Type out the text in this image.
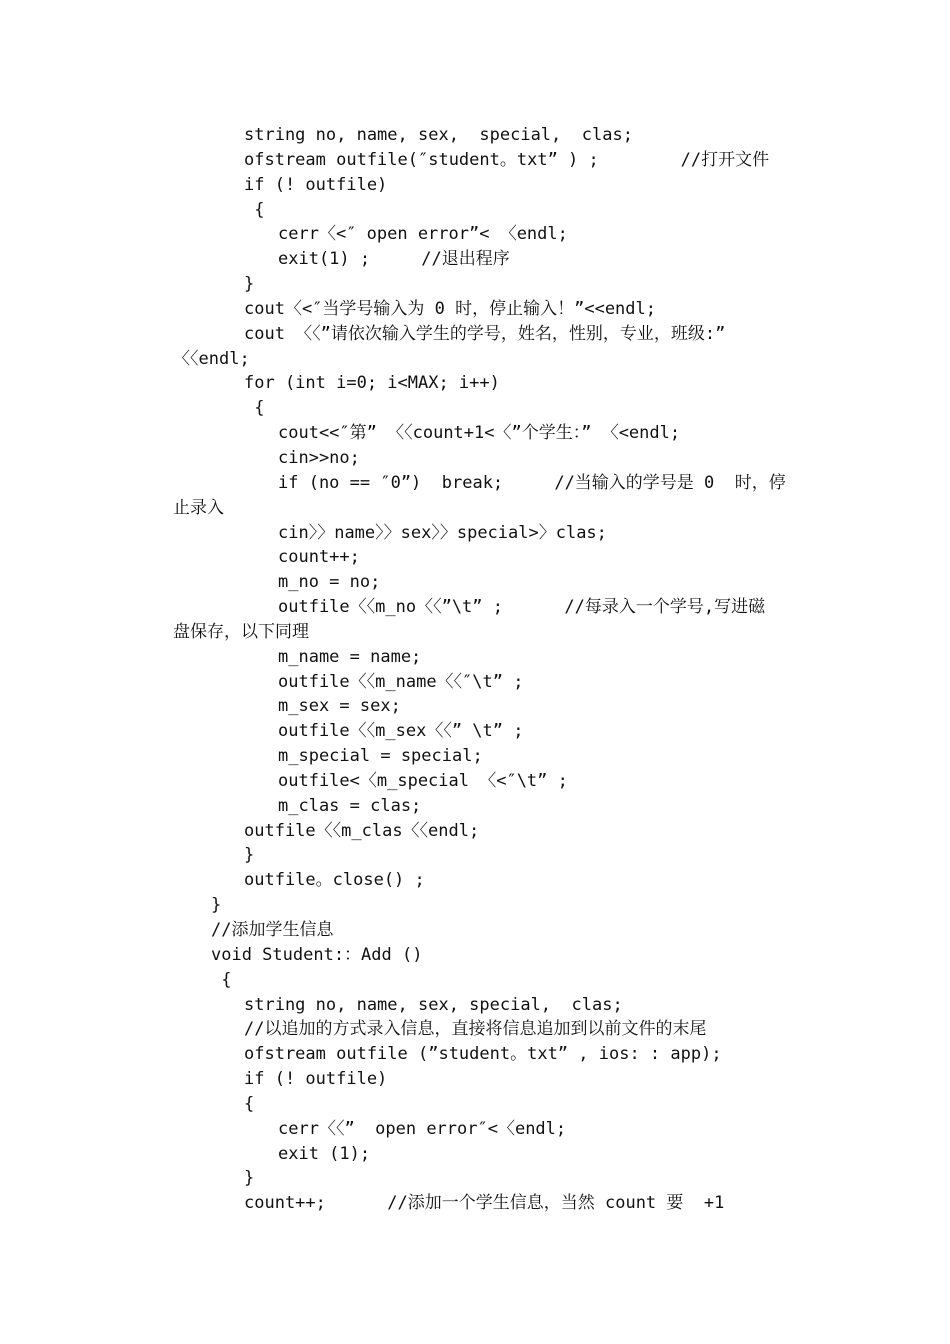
string no, name, sex,  special,  clas;
ofstream outfile(″student。txt” ) ;        //打开文件
if (! outfile)
{
cerr〈<″ open error”< 〈endl;
exit(1) ;     //退出程序
}
cout〈<″当学号输入为 0 时，停止输入！”<<endl;
cout 〈〈”请依次输入学生的学号，姓名，性别，专业，班级:”
〈〈endl;
for (int i=0; i<MAX; i++)
{
cout<<″第” 〈〈count+1<〈”个学生：” 〈<endl;
cin>>no;
if (no == ″0”)  break;     //当输入的学号是 0  时，停
止录入
cin〉〉name〉〉sex〉〉special>〉clas;
count++;
m_no = no;
outfile〈〈m_no〈〈”\t” ;      //每录入一个学号,写进磁
盘保存，以下同理
m_name = name;
outfile〈〈m_name〈〈″\t” ;
m_sex = sex;
outfile〈〈m_sex〈〈” \t” ;
m_special = special;
outfile<〈m_special 〈<″\t” ;
m_clas = clas;
outfile〈〈m_clas〈〈endl;
}
outfile。close() ;
}
//添加学生信息
void Student:：Add ()
{
string no, name, sex, special,  clas;
//以追加的方式录入信息，直接将信息追加到以前文件的末尾
ofstream outfile (”student。txt” , ios: : app);
if (! outfile)
{
cerr〈〈”  open error″<〈endl;
exit (1);
}
count++;      //添加一个学生信息，当然 count 要  +1
